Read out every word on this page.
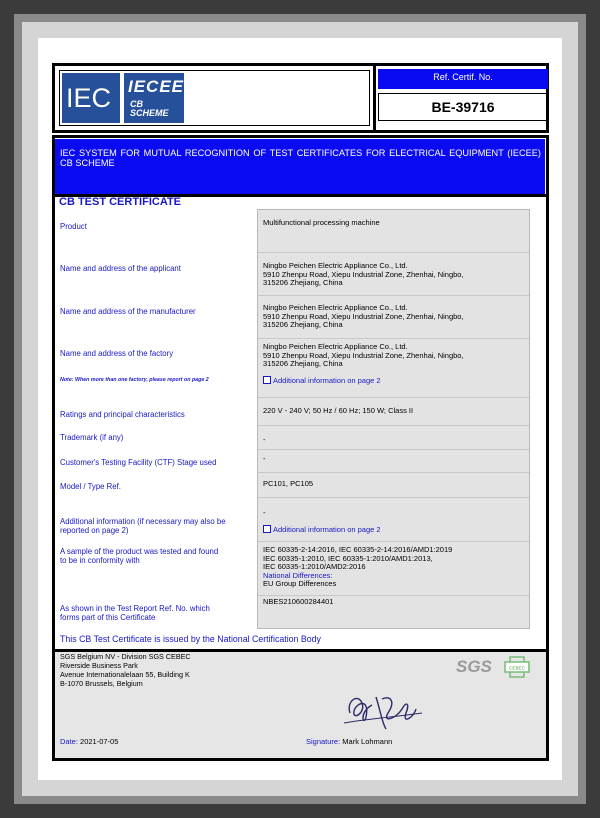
IEC IECEE
CB
SCHEME
Ref. Certif. No.
BE-39716
IEC SYSTEM FOR MUTUAL RECOGNITION OF TEST CERTIFICATES FOR ELECTRICAL EQUIPMENT (IECEE) CB SCHEME
CB TEST CERTIFICATE
Product
Name and address of the applicant
Name and address of the manufacturer
Name and address of the factory
Note: When more than one factory, please report on page 2
Ratings and principal characteristics
Trademark (if any)
Customer's Testing Facility (CTF) Stage used
Model / Type Ref.
Additional information (if necessary may also be
reported on page 2)
A sample of the product was tested and found
to be in conformity with
As shown in the Test Report Ref. No. which
forms part of this Certificate
Multifunctional processing machine
Ningbo Peichen Electric Appliance Co., Ltd.
5910 Zhenpu Road, Xiepu Industrial Zone, Zhenhai, Ningbo,
315206 Zhejiang, China
Ningbo Peichen Electric Appliance Co., Ltd.
5910 Zhenpu Road, Xiepu Industrial Zone, Zhenhai, Ningbo,
315206 Zhejiang, China
Ningbo Peichen Electric Appliance Co., Ltd.
5910 Zhenpu Road, Xiepu Industrial Zone, Zhenhai, Ningbo,
315206 Zhejiang, China
Additional information on page 2
220 V - 240 V; 50 Hz / 60 Hz; 150 W; Class II
-
-
PC101, PC105
-
Additional information on page 2
IEC 60335-2-14:2016, IEC 60335-2-14:2016/AMD1:2019
IEC 60335-1:2010, IEC 60335-1:2010/AMD1:2013,
IEC 60335-1:2010/AMD2:2016
National Differences:
EU Group Differences
NBES210600284401
This CB Test Certificate is issued by the National Certification Body
SGS Belgium NV - Division SGS CEBEC
Riverside Business Park
Avenue Internationalelaan 55, Building K
B-1070 Brussels, Belgium
SGS	CEBEC
Date: 2021-07-05	Signature: Mark Lohmann
